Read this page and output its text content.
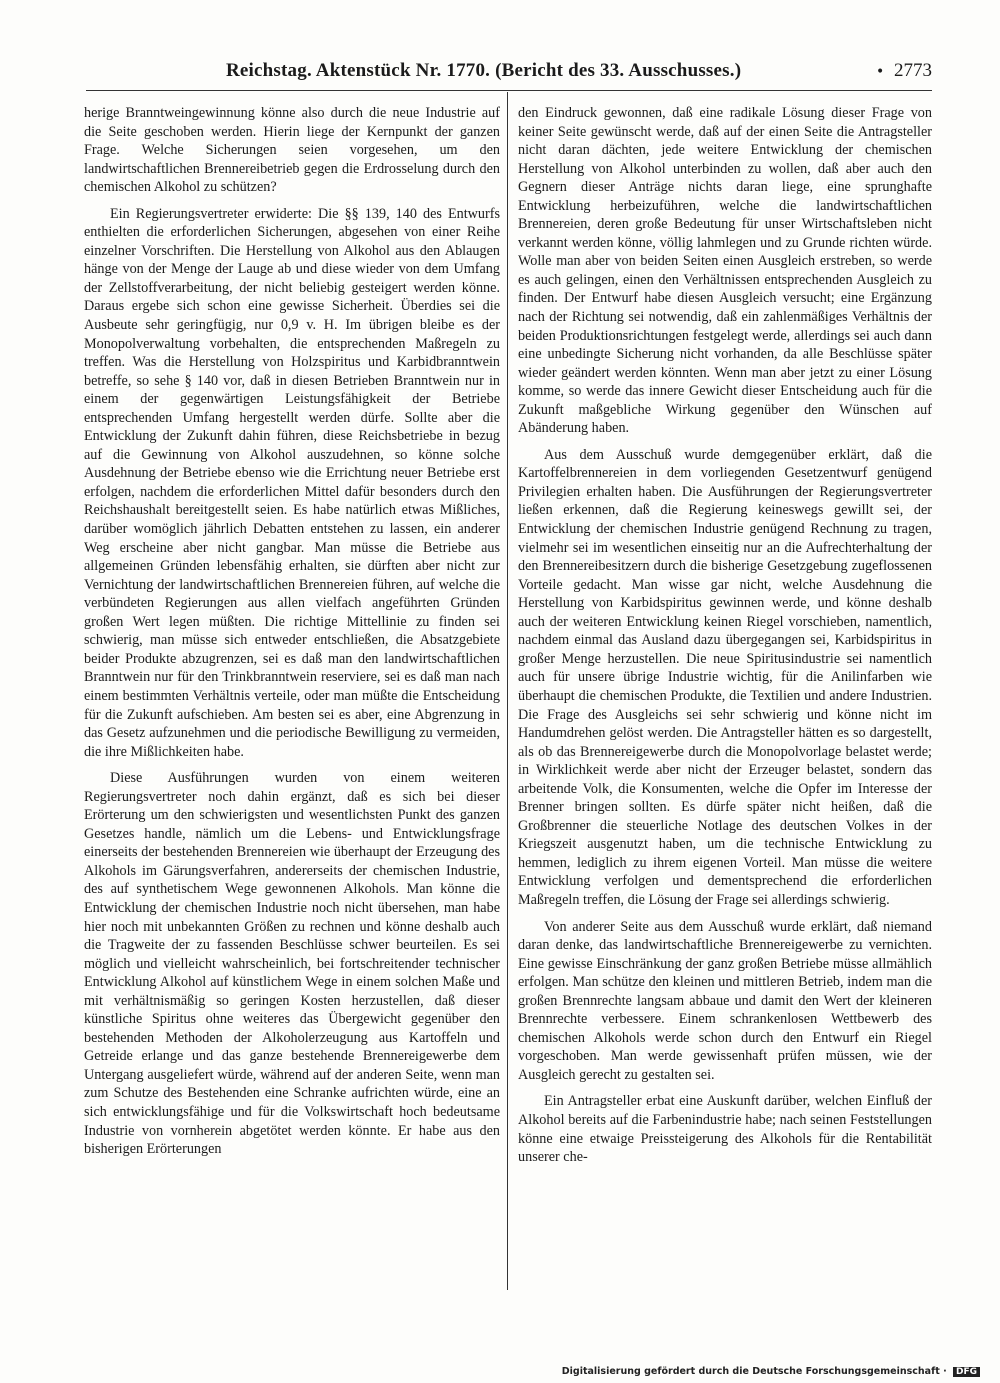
Reichstag. Aktenstück Nr. 1770. (Bericht des 33. Ausschusses.)	• 2773

herige Branntweingewinnung könne also durch die neue Industrie auf die Seite geschoben werden. Hierin liege der Kernpunkt der ganzen Frage. Welche Sicherungen seien vorgesehen, um den landwirtschaftlichen Brennereibetrieb gegen die Erdrosselung durch den chemischen Alkohol zu schützen?

Ein Regierungsvertreter erwiderte: Die §§ 139, 140 des Entwurfs enthielten die erforderlichen Sicherungen, abgesehen von einer Reihe einzelner Vorschriften. Die Herstellung von Alkohol aus den Ablaugen hänge von der Menge der Lauge ab und diese wieder von dem Umfang der Zellstoffverarbeitung, der nicht beliebig gesteigert werden könne. Daraus ergebe sich schon eine gewisse Sicherheit. Überdies sei die Ausbeute sehr geringfügig, nur 0,9 v. H. Im übrigen bleibe es der Monopolverwaltung vorbehalten, die entsprechenden Maßregeln zu treffen. Was die Herstellung von Holzspiritus und Karbidbranntwein betreffe, so sehe § 140 vor, daß in diesen Betrieben Branntwein nur in einem der gegenwärtigen Leistungsfähigkeit der Betriebe entsprechenden Umfang hergestellt werden dürfe. Sollte aber die Entwicklung der Zukunft dahin führen, diese Reichsbetriebe in bezug auf die Gewinnung von Alkohol auszudehnen, so könne solche Ausdehnung der Betriebe ebenso wie die Errichtung neuer Betriebe erst erfolgen, nachdem die erforderlichen Mittel dafür besonders durch den Reichshaushalt bereitgestellt seien. Es habe natürlich etwas Mißliches, darüber womöglich jährlich Debatten entstehen zu lassen, ein anderer Weg erscheine aber nicht gangbar. Man müsse die Betriebe aus allgemeinen Gründen lebensfähig erhalten, sie dürften aber nicht zur Vernichtung der landwirtschaftlichen Brennereien führen, auf welche die verbündeten Regierungen aus allen vielfach angeführten Gründen großen Wert legen müßten. Die richtige Mittellinie zu finden sei schwierig, man müsse sich entweder entschließen, die Absatzgebiete beider Produkte abzugrenzen, sei es daß man den landwirtschaftlichen Branntwein nur für den Trinkbranntwein reserviere, sei es daß man nach einem bestimmten Verhältnis verteile, oder man müßte die Entscheidung für die Zukunft aufschieben. Am besten sei es aber, eine Abgrenzung in das Gesetz aufzunehmen und die periodische Bewilligung zu vermeiden, die ihre Mißlichkeiten habe.

Diese Ausführungen wurden von einem weiteren Regierungsvertreter noch dahin ergänzt, daß es sich bei dieser Erörterung um den schwierigsten und wesentlichsten Punkt des ganzen Gesetzes handle, nämlich um die Lebens- und Entwicklungsfrage einerseits der bestehenden Brennereien wie überhaupt der Erzeugung des Alkohols im Gärungsverfahren, andererseits der chemischen Industrie, des auf synthetischem Wege gewonnenen Alkohols. Man könne die Entwicklung der chemischen Industrie noch nicht übersehen, man habe hier noch mit unbekannten Größen zu rechnen und könne deshalb auch die Tragweite der zu fassenden Beschlüsse schwer beurteilen. Es sei möglich und vielleicht wahrscheinlich, bei fortschreitender technischer Entwicklung Alkohol auf künstlichem Wege in einem solchen Maße und mit verhältnismäßig so geringen Kosten herzustellen, daß dieser künstliche Spiritus ohne weiteres das Übergewicht gegenüber den bestehenden Methoden der Alkoholerzeugung aus Kartoffeln und Getreide erlange und das ganze bestehende Brennereigewerbe dem Untergang ausgeliefert würde, während auf der anderen Seite, wenn man zum Schutze des Bestehenden eine Schranke aufrichten würde, eine an sich entwicklungsfähige und für die Volkswirtschaft hoch bedeutsame Industrie von vornherein abgetötet werden könnte. Er habe aus den bisherigen Erörterungen

den Eindruck gewonnen, daß eine radikale Lösung dieser Frage von keiner Seite gewünscht werde, daß auf der einen Seite die Antragsteller nicht daran dächten, jede weitere Entwicklung der chemischen Herstellung von Alkohol unterbinden zu wollen, daß aber auch den Gegnern dieser Anträge nichts daran liege, eine sprunghafte Entwicklung herbeizuführen, welche die landwirtschaftlichen Brennereien, deren große Bedeutung für unser Wirtschaftsleben nicht verkannt werden könne, völlig lahmlegen und zu Grunde richten würde. Wolle man aber von beiden Seiten einen Ausgleich erstreben, so werde es auch gelingen, einen den Verhältnissen entsprechenden Ausgleich zu finden. Der Entwurf habe diesen Ausgleich versucht; eine Ergänzung nach der Richtung sei notwendig, daß ein zahlenmäßiges Verhältnis der beiden Produktionsrichtungen festgelegt werde, allerdings sei auch dann eine unbedingte Sicherung nicht vorhanden, da alle Beschlüsse später wieder geändert werden könnten. Wenn man aber jetzt zu einer Lösung komme, so werde das innere Gewicht dieser Entscheidung auch für die Zukunft maßgebliche Wirkung gegenüber den Wünschen auf Abänderung haben.

Aus dem Ausschuß wurde demgegenüber erklärt, daß die Kartoffelbrennereien in dem vorliegenden Gesetzentwurf genügend Privilegien erhalten haben. Die Ausführungen der Regierungsvertreter ließen erkennen, daß die Regierung keineswegs gewillt sei, der Entwicklung der chemischen Industrie genügend Rechnung zu tragen, vielmehr sei im wesentlichen einseitig nur an die Aufrechterhaltung der den Brennereibesitzern durch die bisherige Gesetzgebung zugeflossenen Vorteile gedacht. Man wisse gar nicht, welche Ausdehnung die Herstellung von Karbidspiritus gewinnen werde, und könne deshalb auch der weiteren Entwicklung keinen Riegel vorschieben, namentlich, nachdem einmal das Ausland dazu übergegangen sei, Karbidspiritus in großer Menge herzustellen. Die neue Spiritusindustrie sei namentlich auch für unsere übrige Industrie wichtig, für die Anilinfarben wie überhaupt die chemischen Produkte, die Textilien und andere Industrien. Die Frage des Ausgleichs sei sehr schwierig und könne nicht im Handumdrehen gelöst werden. Die Antragsteller hätten es so dargestellt, als ob das Brennereigewerbe durch die Monopolvorlage belastet werde; in Wirklichkeit werde aber nicht der Erzeuger belastet, sondern das arbeitende Volk, die Konsumenten, welche die Opfer im Interesse der Brenner bringen sollten. Es dürfe später nicht heißen, daß die Großbrenner die steuerliche Notlage des deutschen Volkes in der Kriegszeit ausgenutzt haben, um die technische Entwicklung zu hemmen, lediglich zu ihrem eigenen Vorteil. Man müsse die weitere Entwicklung verfolgen und dementsprechend die erforderlichen Maßregeln treffen, die Lösung der Frage sei allerdings schwierig.

Von anderer Seite aus dem Ausschuß wurde erklärt, daß niemand daran denke, das landwirtschaftliche Brennereigewerbe zu vernichten. Eine gewisse Einschränkung der ganz großen Betriebe müsse allmählich erfolgen. Man schütze den kleinen und mittleren Betrieb, indem man die großen Brennrechte langsam abbaue und damit den Wert der kleineren Brennrechte verbessere. Einem schrankenlosen Wettbewerb des chemischen Alkohols werde schon durch den Entwurf ein Riegel vorgeschoben. Man werde gewissenhaft prüfen müssen, wie der Ausgleich gerecht zu gestalten sei.

Ein Antragsteller erbat eine Auskunft darüber, welchen Einfluß der Alkohol bereits auf die Farbenindustrie habe; nach seinen Feststellungen könne eine etwaige Preissteigerung des Alkohols für die Rentabilität unserer che-

Digitalisierung gefördert durch die Deutsche Forschungsgemeinschaft · DFG
